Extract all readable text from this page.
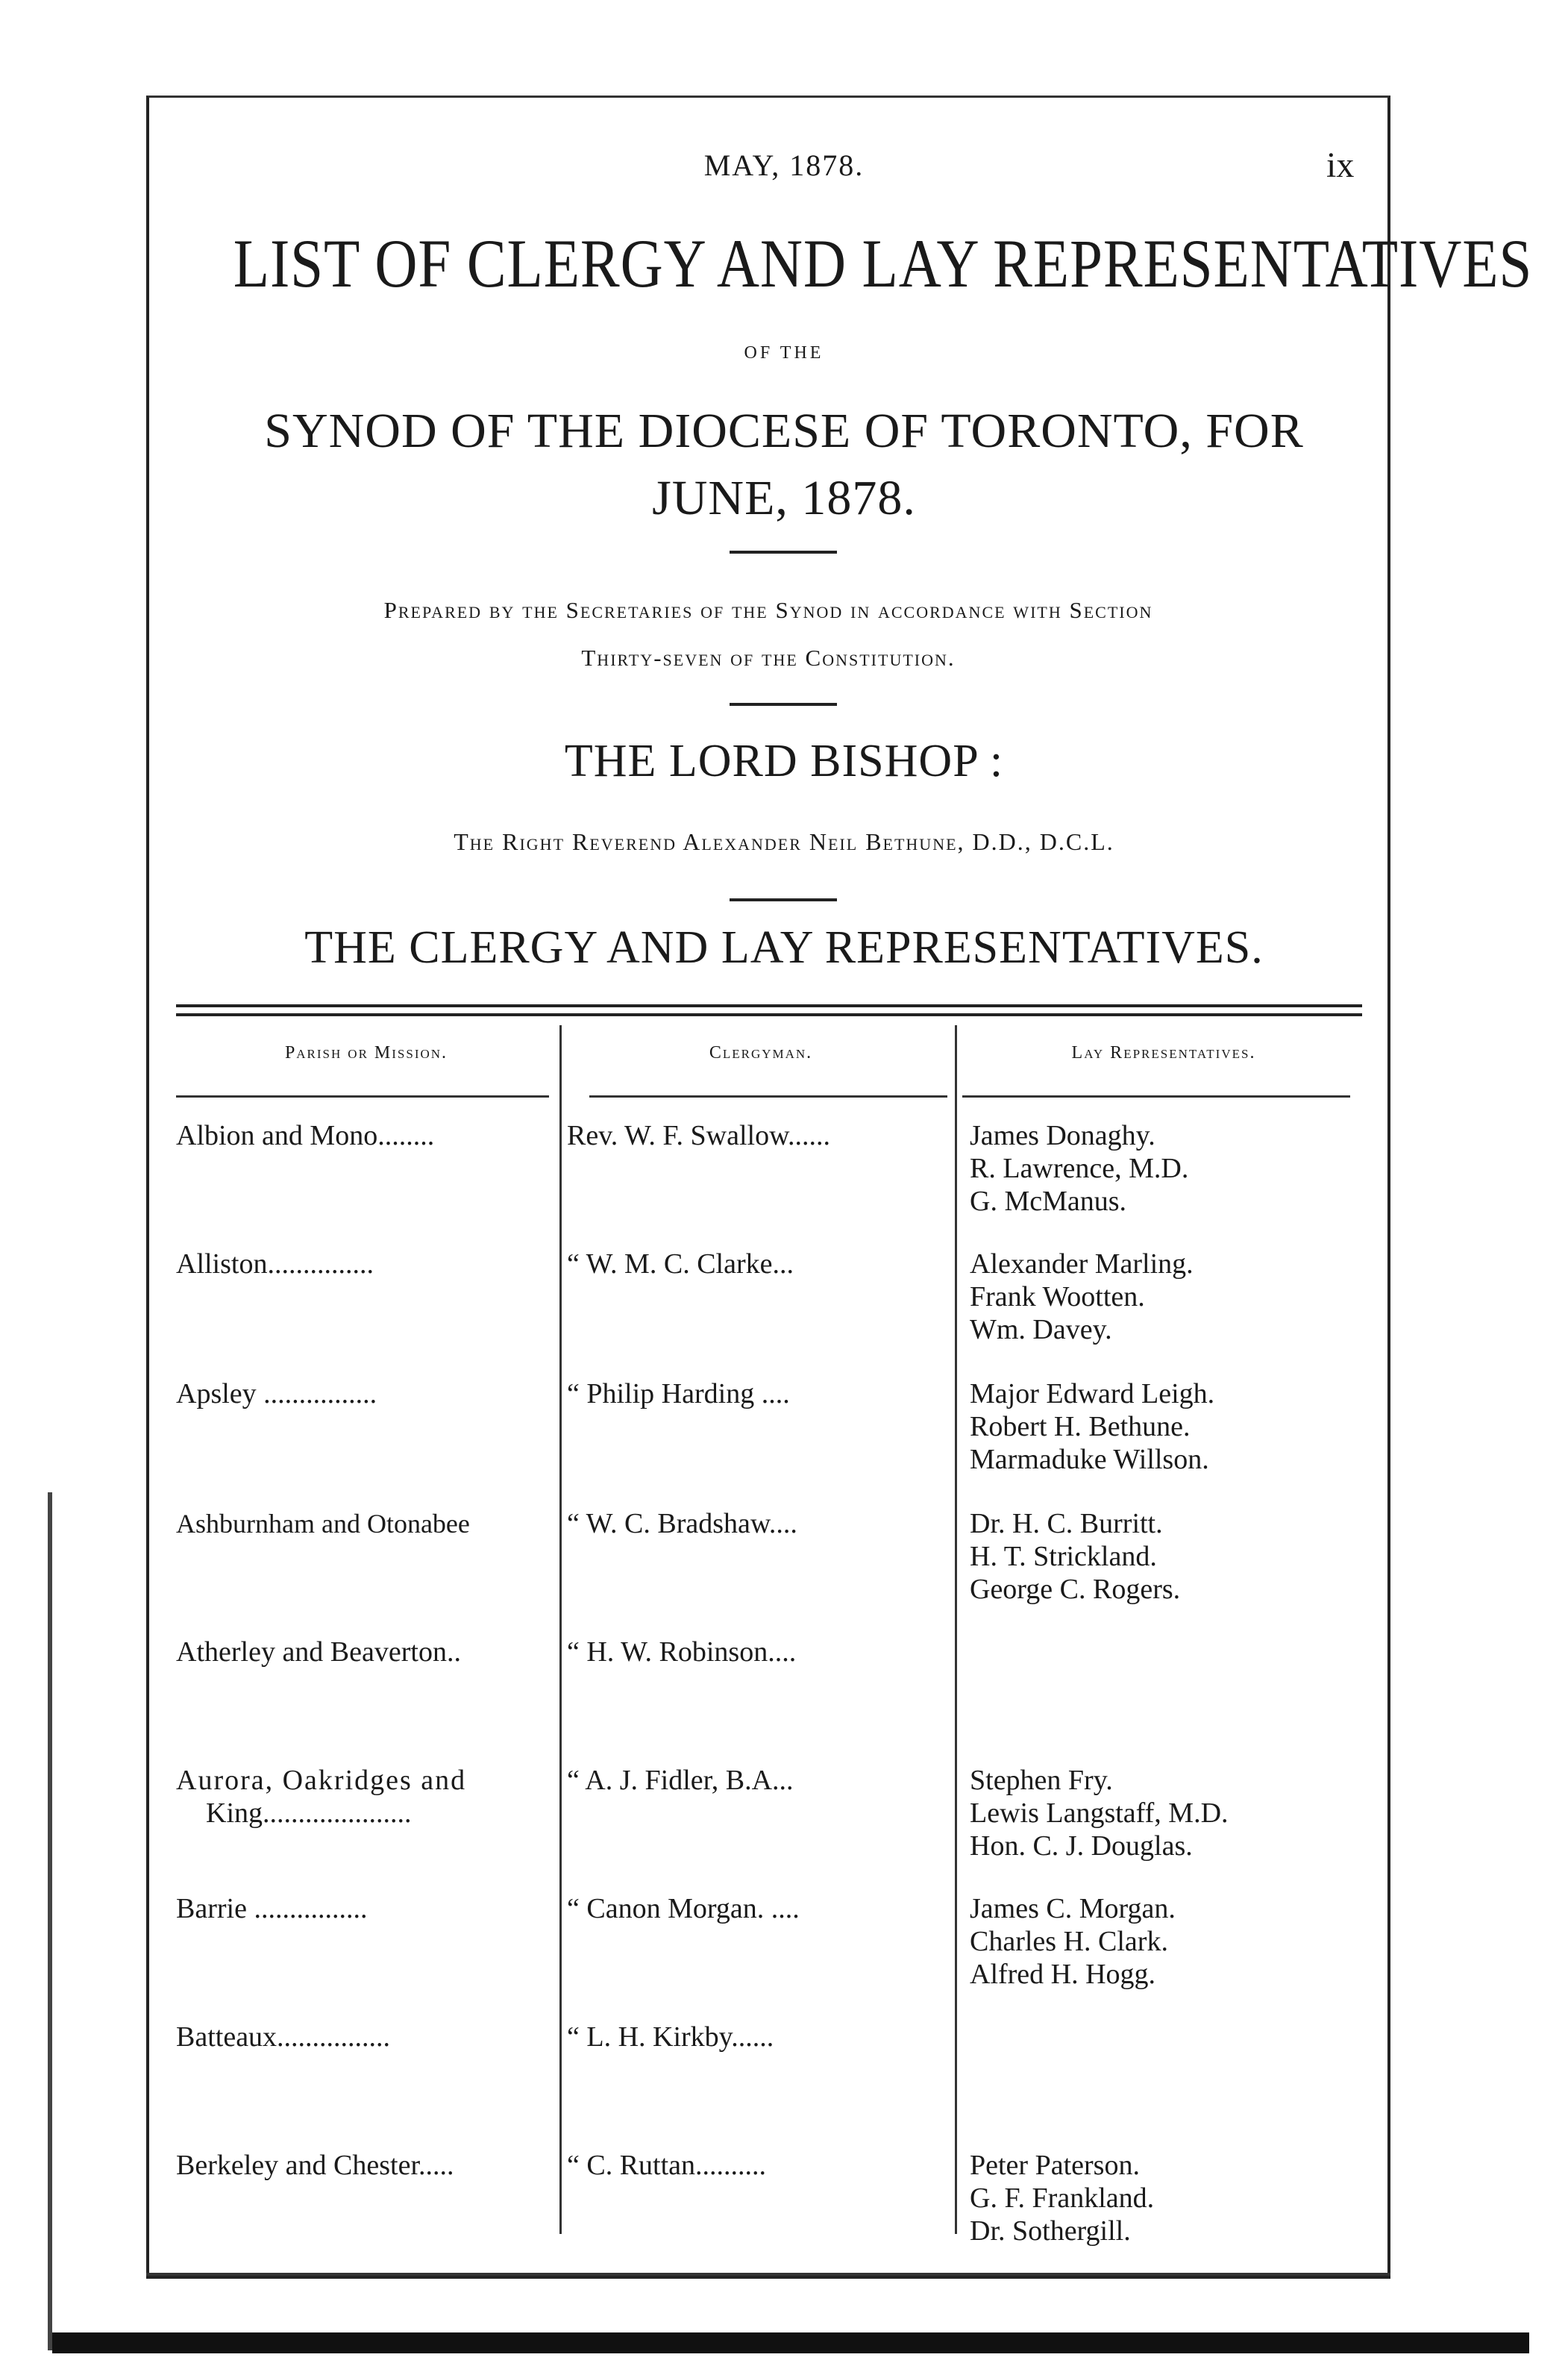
MAY, 1878.	ix
LIST OF CLERGY AND LAY REPRESENTATIVES
OF THE
SYNOD OF THE DIOCESE OF TORONTO, FOR
JUNE, 1878.
Prepared by the Secretaries of the Synod in accordance with Section
Thirty-seven of the Constitution.
THE LORD BISHOP :
The Right Reverend Alexander Neil Bethune, D.D., D.C.L.
THE CLERGY AND LAY REPRESENTATIVES.
Parish or Mission.	Clergyman.	Lay Representatives.
Albion and Mono........	Rev. W. F. Swallow......	James Donaghy.
R. Lawrence, M.D.
G. McManus.
Alliston...............	“ W. M. C. Clarke...	Alexander Marling.
Frank Wootten.
Wm. Davey.
Apsley ................	“ Philip Harding ....	Major Edward Leigh.
Robert H. Bethune.
Marmaduke Willson.
Ashburnham and Otonabee	“ W. C. Bradshaw....	Dr. H. C. Burritt.
H. T. Strickland.
George C. Rogers.
Atherley and Beaverton..	“ H. W. Robinson....
Aurora, Oakridges and
King.....................
“ A. J. Fidler, B.A...	Stephen Fry.
Lewis Langstaff, M.D.
Hon. C. J. Douglas.
Barrie ................	“ Canon Morgan. ....	James C. Morgan.
Charles H. Clark.
Alfred H. Hogg.
Batteaux................	“ L. H. Kirkby......
Berkeley and Chester.....	“ C. Ruttan..........	Peter Paterson.
G. F. Frankland.
Dr. Sothergill.
